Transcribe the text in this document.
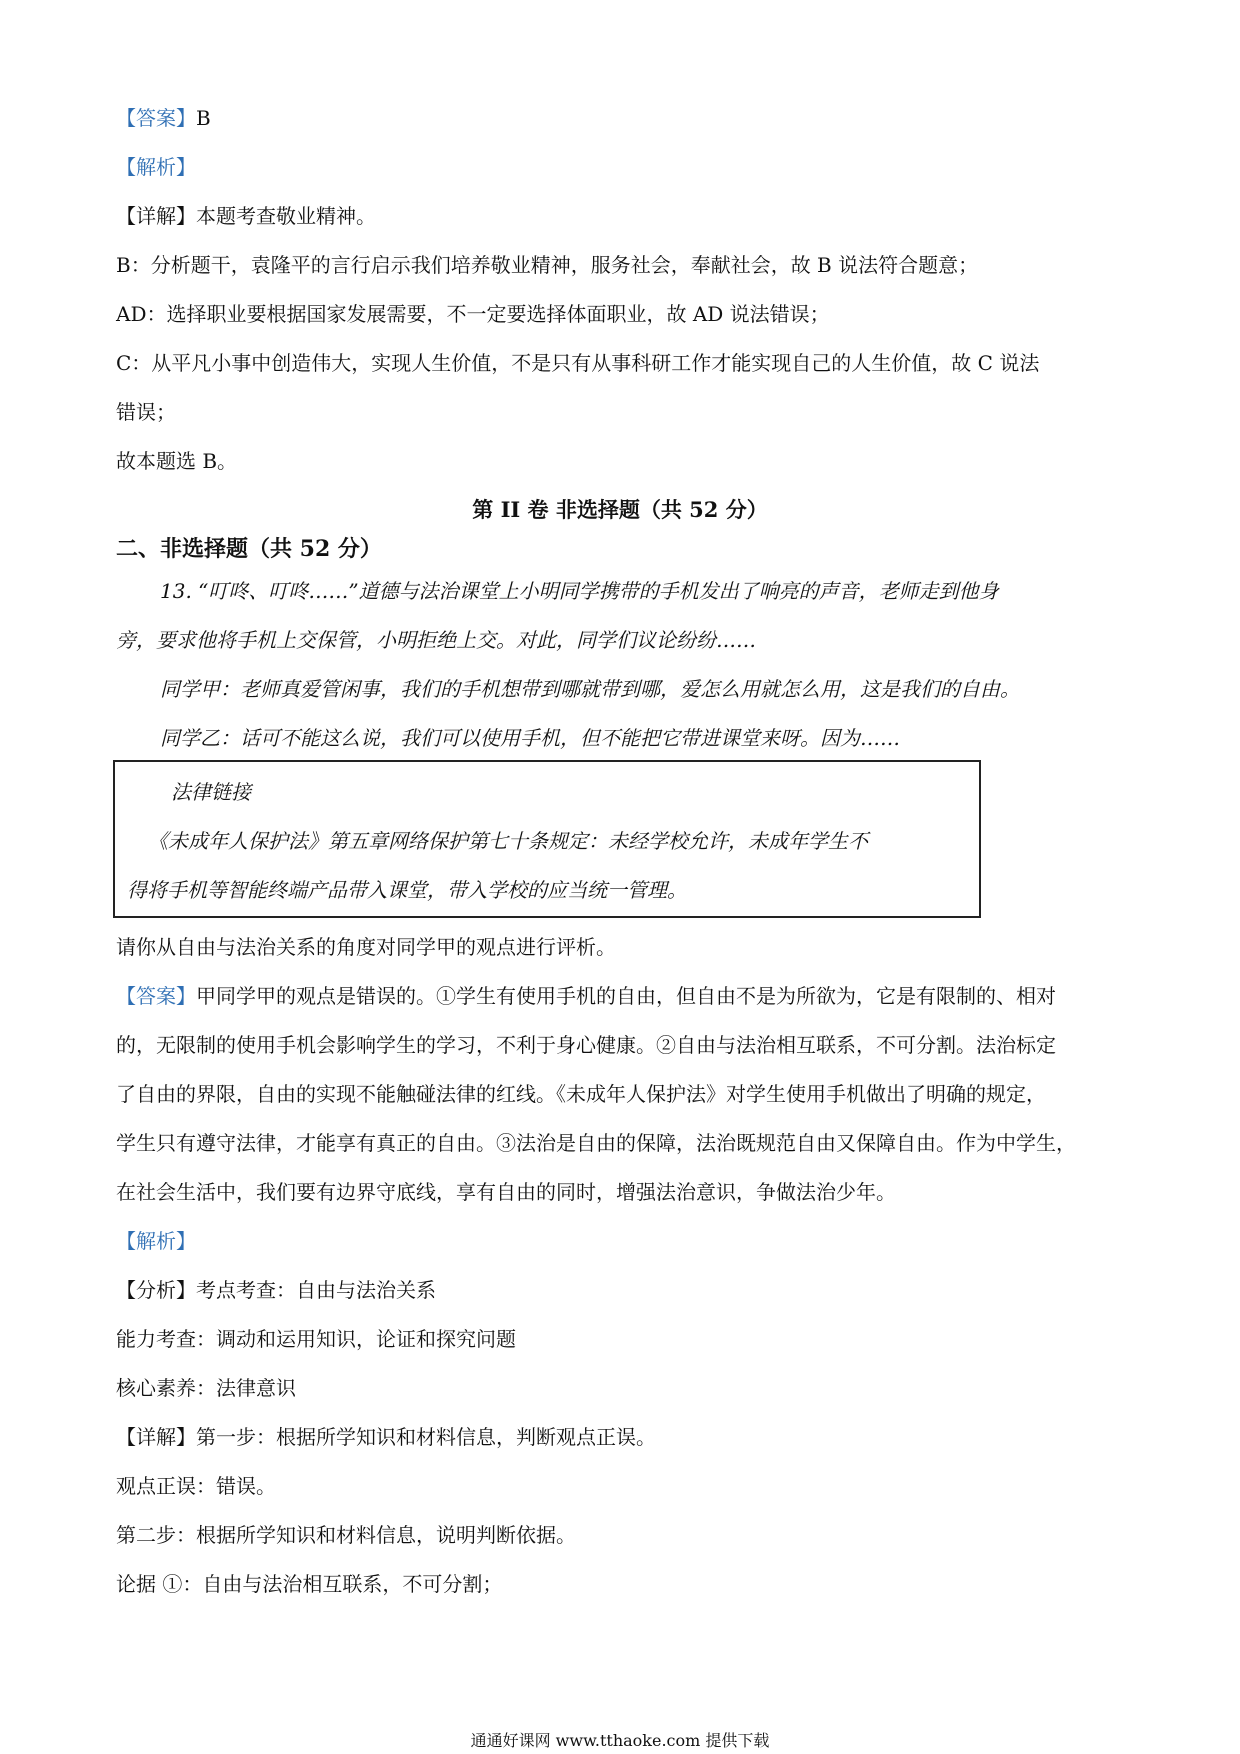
【答案】B
【解析】
【详解】本题考查敬业精神。
B：分析题干，袁隆平的言行启示我们培养敬业精神，服务社会，奉献社会，故 B 说法符合题意；
AD：选择职业要根据国家发展需要，不一定要选择体面职业，故 AD 说法错误；
C：从平凡小事中创造伟大，实现人生价值，不是只有从事科研工作才能实现自己的人生价值，故 C 说法
错误；
故本题选 B。
第 II 卷 非选择题（共 52 分）
二、非选择题（共 52 分）
13. “叮咚、叮咚……”道德与法治课堂上小明同学携带的手机发出了响亮的声音，老师走到他身
旁，要求他将手机上交保管，小明拒绝上交。对此，同学们议论纷纷……
同学甲：老师真爱管闲事，我们的手机想带到哪就带到哪，爱怎么用就怎么用，这是我们的自由。
同学乙：话可不能这么说，我们可以使用手机，但不能把它带进课堂来呀。因为……
法律链接
《未成年人保护法》第五章网络保护第七十条规定：未经学校允许，未成年学生不
得将手机等智能终端产品带入课堂，带入学校的应当统一管理。
请你从自由与法治关系的角度对同学甲的观点进行评析。
【答案】甲同学甲的观点是错误的。①学生有使用手机的自由，但自由不是为所欲为，它是有限制的、相对
的，无限制的使用手机会影响学生的学习，不利于身心健康。②自由与法治相互联系，不可分割。法治标定
了自由的界限，自由的实现不能触碰法律的红线。《未成年人保护法》对学生使用手机做出了明确的规定，
学生只有遵守法律，才能享有真正的自由。③法治是自由的保障，法治既规范自由又保障自由。作为中学生，
在社会生活中，我们要有边界守底线，享有自由的同时，增强法治意识，争做法治少年。
【解析】
【分析】考点考查：自由与法治关系
能力考查：调动和运用知识，论证和探究问题
核心素养：法律意识
【详解】第一步：根据所学知识和材料信息，判断观点正误。
观点正误：错误。
第二步：根据所学知识和材料信息，说明判断依据。
论据 ①：自由与法治相互联系，不可分割；
通通好课网 www.tthaoke.com 提供下载
